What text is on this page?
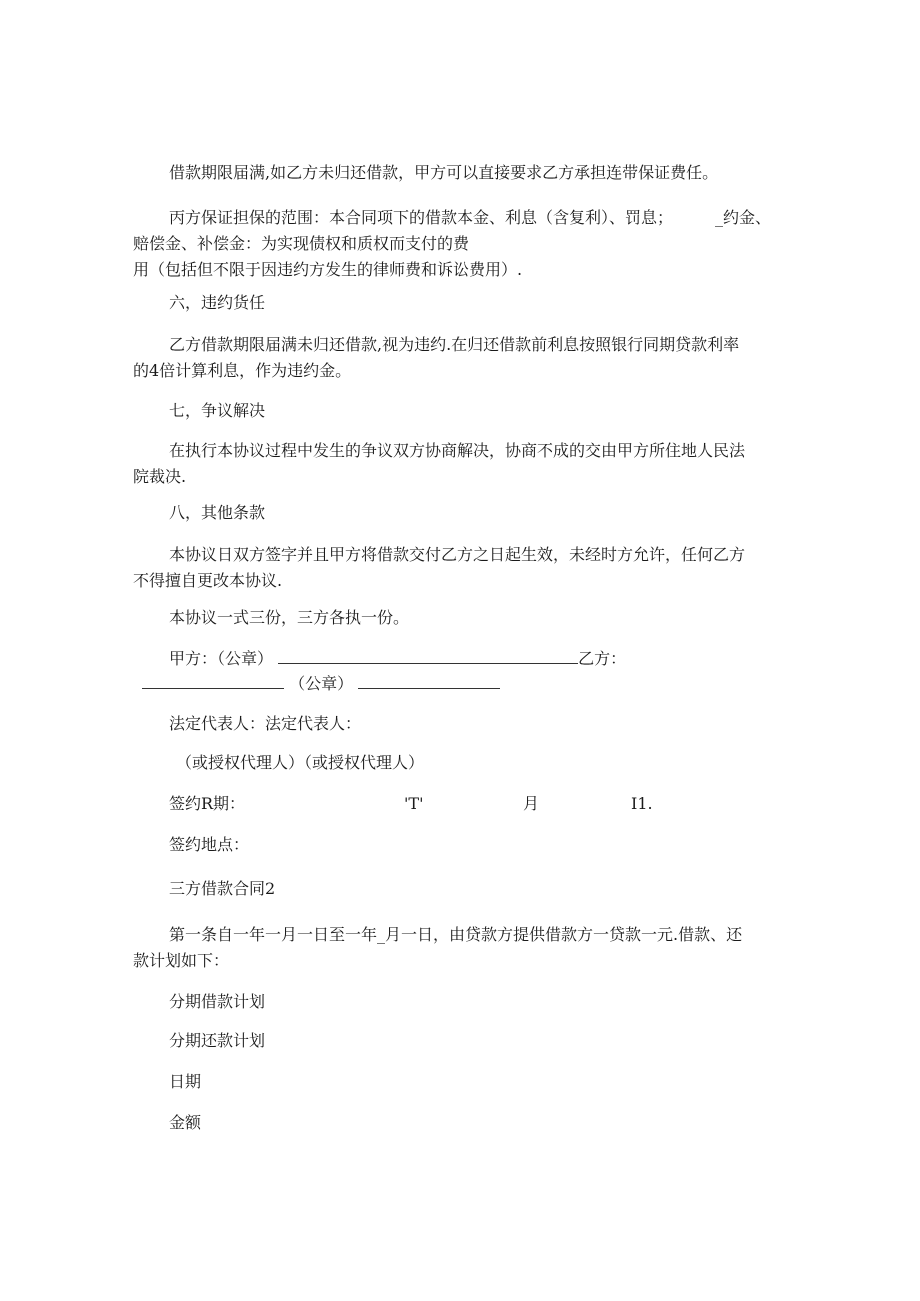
借款期限届满,如乙方未归还借款，甲方可以直接要求乙方承担连带保证费任。

丙方保证担保的范围：本合同项下的借款本金、利息（含复利）、罚息；	_约金、
赔偿金、补偿金：为实现债权和质权而支付的费
用（包括但不限于因违约方发生的律师费和诉讼费用）.

六，违约货任

乙方借款期限届满未归还借款,视为违约.在归还借款前利息按照银行同期贷款利率
的4倍计算利息，作为违约金。

七，争议解决

在执行本协议过程中发生的争议双方协商解决，协商不成的交由甲方所住地人民法
院裁决.

八，其他条款

本协议日双方签字并且甲方将借款交付乙方之日起生效，未经时方允许，任何乙方
不得擅自更改本协议.

本协议一式三份，三方各执一份。

甲方：（公章）	乙方：
（公章）
法定代表人：法定代表人：
（或授权代理人）（或授权代理人）
签约R期：	'T'	月	I1.
签约地点：
三方借款合同2

第一条自一年一月一日至一年_月一日，由贷款方提供借款方一贷款一元.借款、还
款计划如下：

分期借款计划
分期还款计划
日期
金额
